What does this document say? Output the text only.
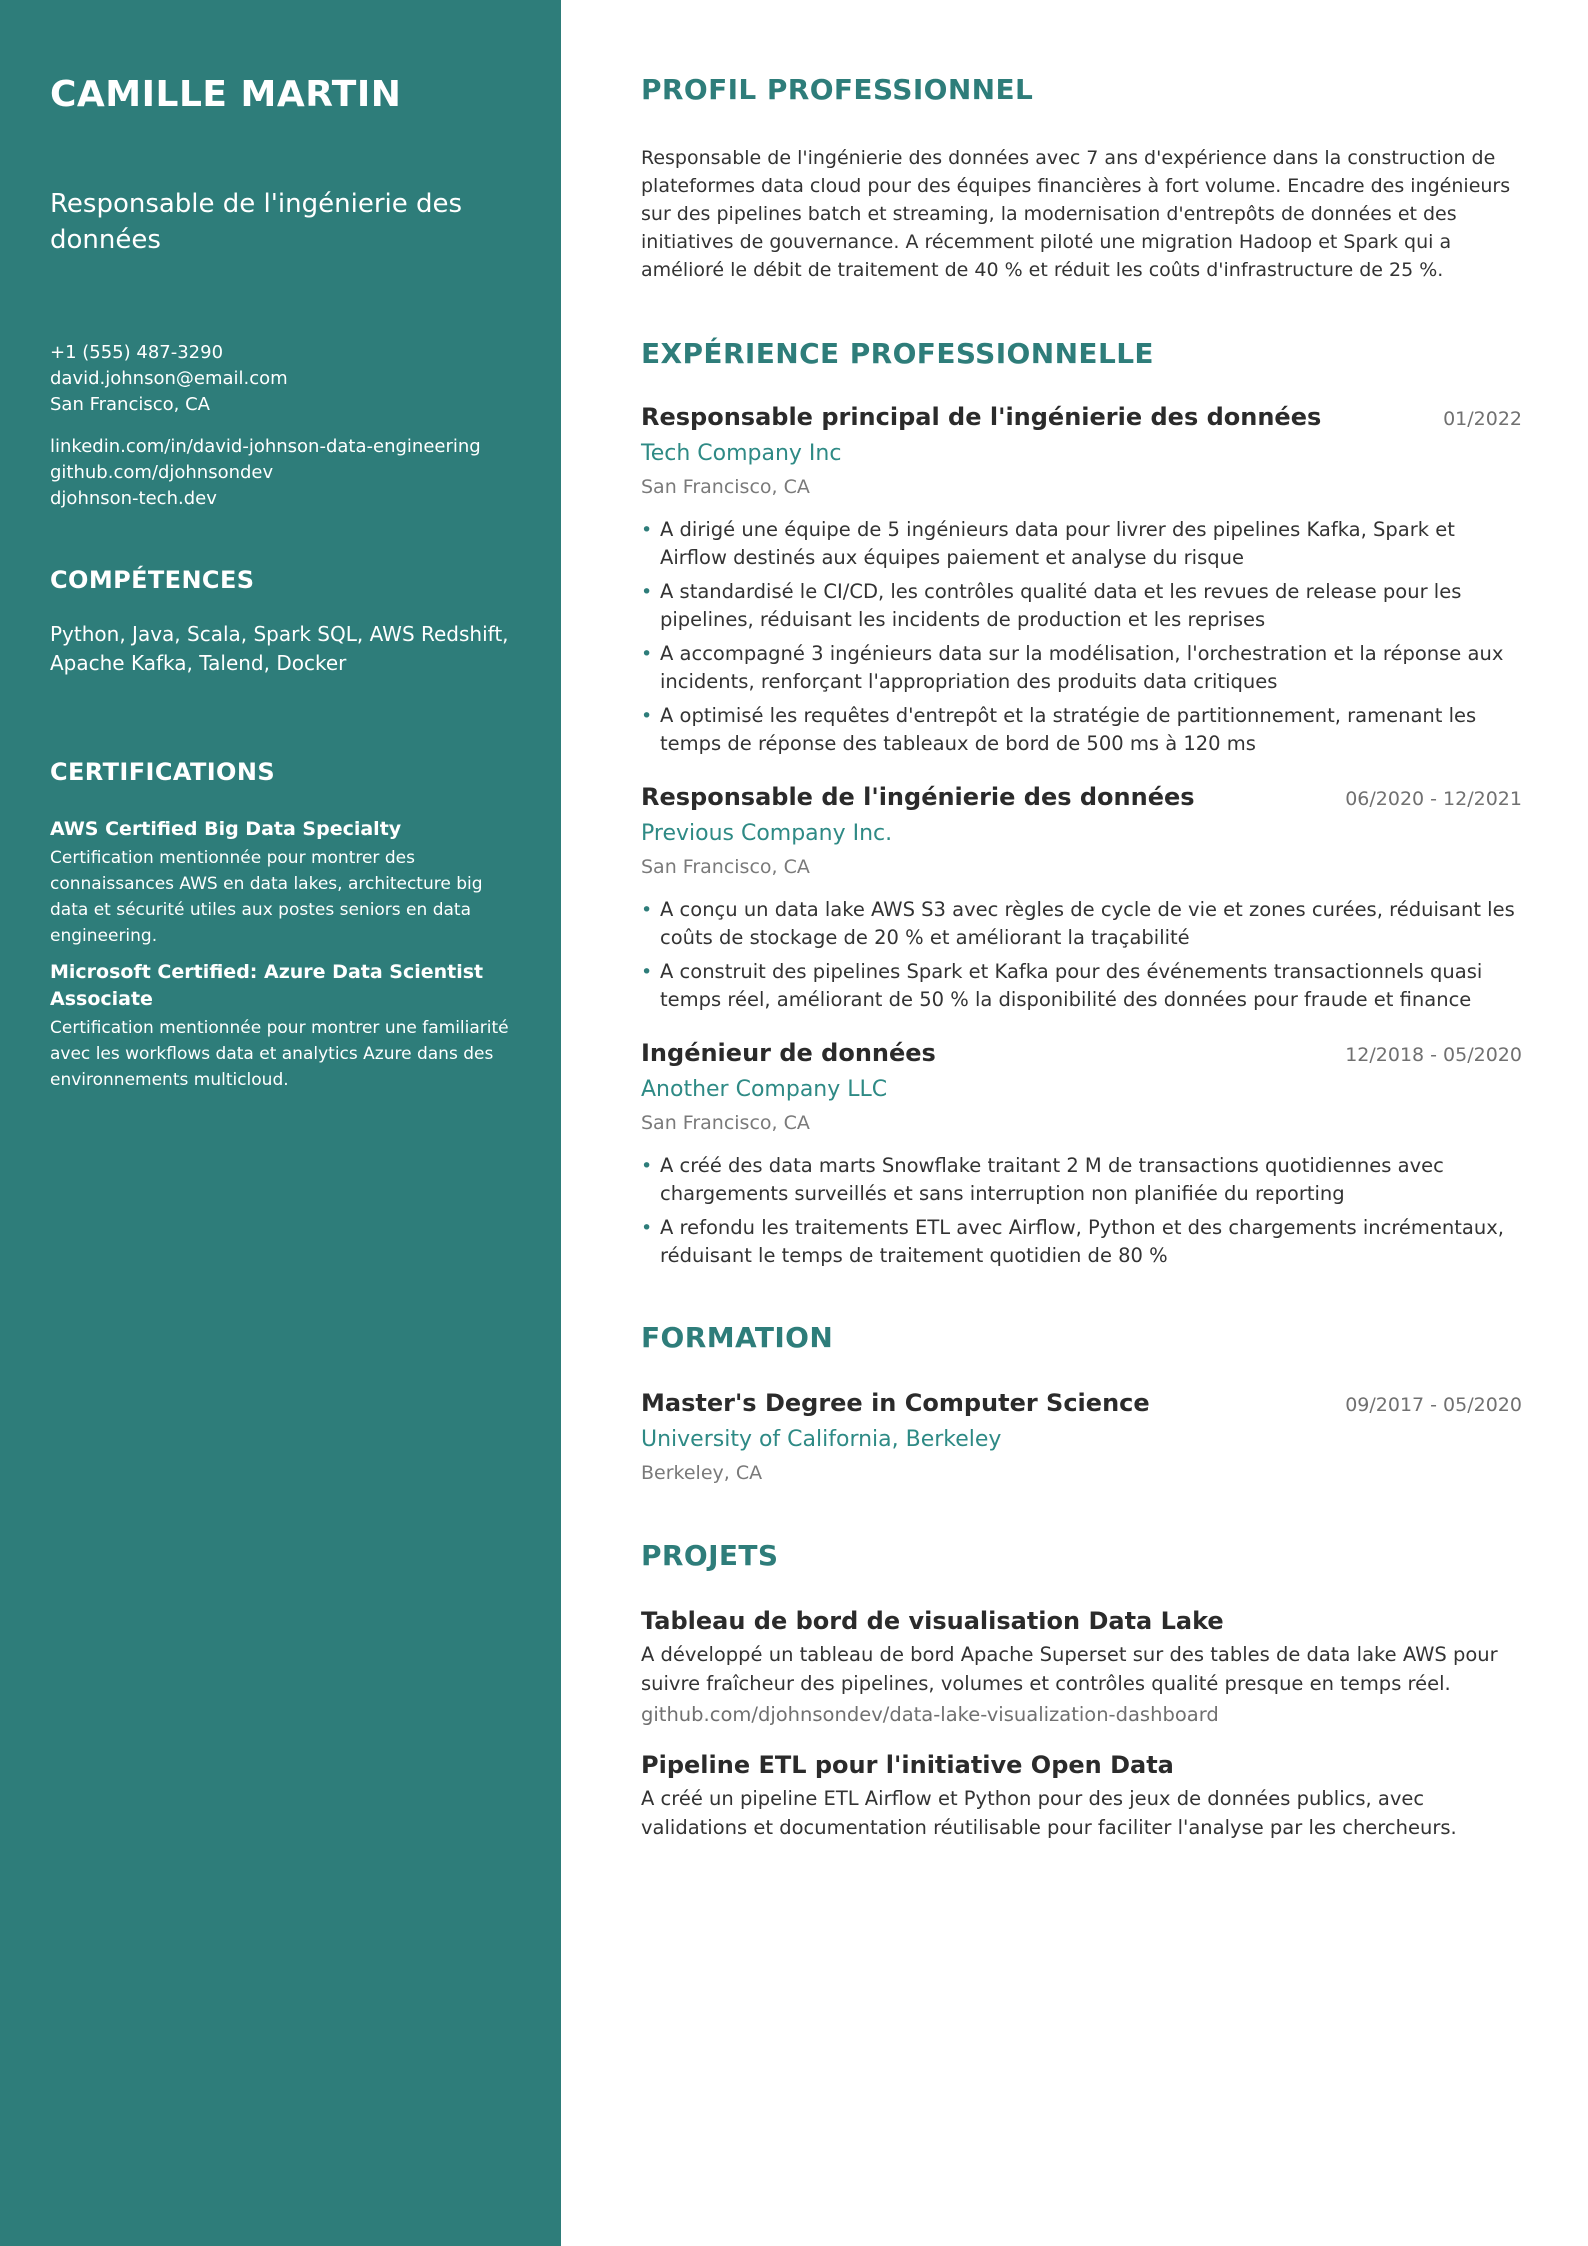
CAMILLE MARTIN
Responsable de l'ingénierie des données
+1 (555) 487-3290
david.johnson@email.com
San Francisco, CA
linkedin.com/in/david-johnson-data-engineering
github.com/djohnsondev
djohnson-tech.dev
COMPÉTENCES
Python, Java, Scala, Spark SQL, AWS Redshift, Apache Kafka, Talend, Docker
CERTIFICATIONS
AWS Certified Big Data Specialty
Certification mentionnée pour montrer des connaissances AWS en data lakes, architecture big data et sécurité utiles aux postes seniors en data engineering.
Microsoft Certified: Azure Data Scientist Associate
Certification mentionnée pour montrer une familiarité avec les workflows data et analytics Azure dans des environnements multicloud.
PROFIL PROFESSIONNEL

Responsable de l'ingénierie des données avec 7 ans d'expérience dans la construction de plateformes data cloud pour des équipes financières à fort volume. Encadre des ingénieurs sur des pipelines batch et streaming, la modernisation d'entrepôts de données et des initiatives de gouvernance. A récemment piloté une migration Hadoop et Spark qui a amélioré le débit de traitement de 40 % et réduit les coûts d'infrastructure de 25 %.

EXPÉRIENCE PROFESSIONNELLE
Responsable principal de l'ingénierie des données	01/2022
Tech Company Inc
San Francisco, CA
• A dirigé une équipe de 5 ingénieurs data pour livrer des pipelines Kafka, Spark et Airflow destinés aux équipes paiement et analyse du risque
• A standardisé le CI/CD, les contrôles qualité data et les revues de release pour les pipelines, réduisant les incidents de production et les reprises
• A accompagné 3 ingénieurs data sur la modélisation, l'orchestration et la réponse aux incidents, renforçant l'appropriation des produits data critiques
• A optimisé les requêtes d'entrepôt et la stratégie de partitionnement, ramenant les temps de réponse des tableaux de bord de 500 ms à 120 ms
Responsable de l'ingénierie des données	06/2020 - 12/2021
Previous Company Inc.
San Francisco, CA
• A conçu un data lake AWS S3 avec règles de cycle de vie et zones curées, réduisant les coûts de stockage de 20 % et améliorant la traçabilité
• A construit des pipelines Spark et Kafka pour des événements transactionnels quasi temps réel, améliorant de 50 % la disponibilité des données pour fraude et finance
Ingénieur de données	12/2018 - 05/2020
Another Company LLC
San Francisco, CA
• A créé des data marts Snowflake traitant 2 M de transactions quotidiennes avec chargements surveillés et sans interruption non planifiée du reporting
• A refondu les traitements ETL avec Airflow, Python et des chargements incrémentaux, réduisant le temps de traitement quotidien de 80 %
FORMATION
Master's Degree in Computer Science	09/2017 - 05/2020
University of California, Berkeley
Berkeley, CA
PROJETS
Tableau de bord de visualisation Data Lake
A développé un tableau de bord Apache Superset sur des tables de data lake AWS pour suivre fraîcheur des pipelines, volumes et contrôles qualité presque en temps réel.
github.com/djohnsondev/data-lake-visualization-dashboard
Pipeline ETL pour l'initiative Open Data
A créé un pipeline ETL Airflow et Python pour des jeux de données publics, avec validations et documentation réutilisable pour faciliter l'analyse par les chercheurs.
